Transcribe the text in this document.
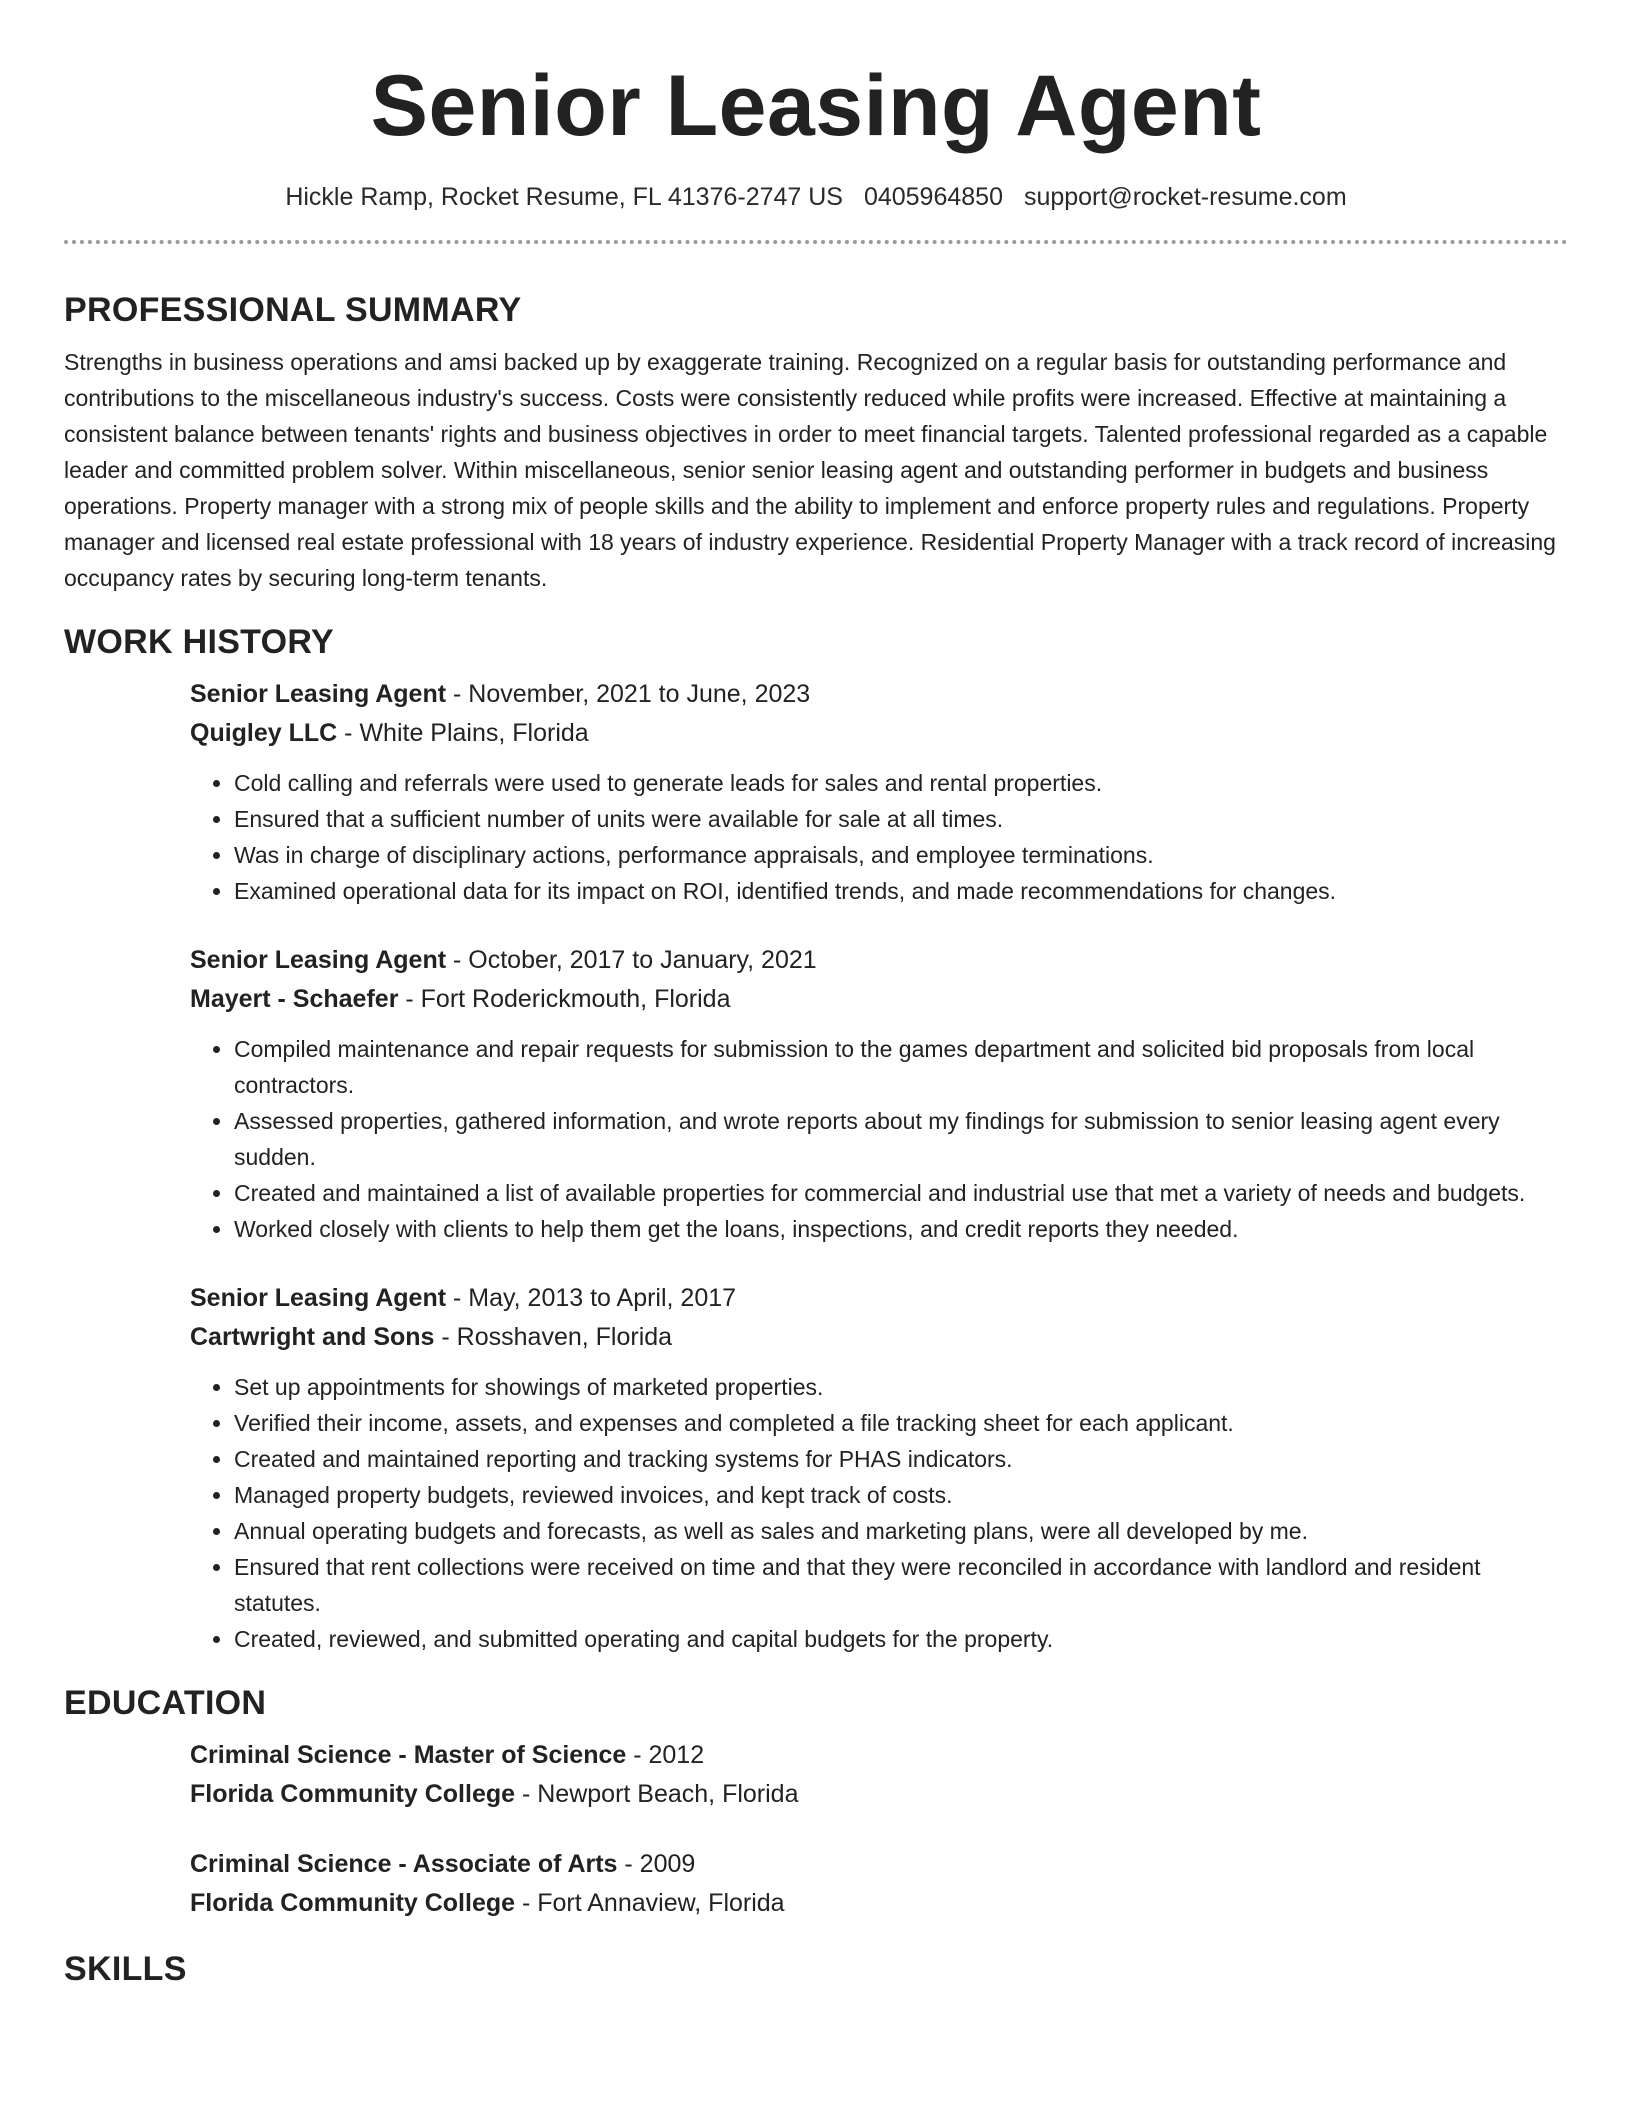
Senior Leasing Agent
Hickle Ramp, Rocket Resume, FL 41376-2747 US 0405964850 support@rocket-resume.com
PROFESSIONAL SUMMARY

Strengths in business operations and amsi backed up by exaggerate training. Recognized on a regular basis for outstanding performance and contributions to the miscellaneous industry's success. Costs were consistently reduced while profits were increased. Effective at maintaining a consistent balance between tenants' rights and business objectives in order to meet financial targets. Talented professional regarded as a capable leader and committed problem solver. Within miscellaneous, senior senior leasing agent and outstanding performer in budgets and business operations. Property manager with a strong mix of people skills and the ability to implement and enforce property rules and regulations. Property manager and licensed real estate professional with 18 years of industry experience. Residential Property Manager with a track record of increasing occupancy rates by securing long-term tenants.

WORK HISTORY
Senior Leasing Agent - November, 2021 to June, 2023
Quigley LLC - White Plains, Florida
• Cold calling and referrals were used to generate leads for sales and rental properties.
• Ensured that a sufficient number of units were available for sale at all times.
• Was in charge of disciplinary actions, performance appraisals, and employee terminations.
• Examined operational data for its impact on ROI, identified trends, and made recommendations for changes.
Senior Leasing Agent - October, 2017 to January, 2021
Mayert - Schaefer - Fort Roderickmouth, Florida
• Compiled maintenance and repair requests for submission to the games department and solicited bid proposals from local contractors.
• Assessed properties, gathered information, and wrote reports about my findings for submission to senior leasing agent every sudden.
• Created and maintained a list of available properties for commercial and industrial use that met a variety of needs and budgets.
• Worked closely with clients to help them get the loans, inspections, and credit reports they needed.
Senior Leasing Agent - May, 2013 to April, 2017
Cartwright and Sons - Rosshaven, Florida
• Set up appointments for showings of marketed properties.
• Verified their income, assets, and expenses and completed a file tracking sheet for each applicant.
• Created and maintained reporting and tracking systems for PHAS indicators.
• Managed property budgets, reviewed invoices, and kept track of costs.
• Annual operating budgets and forecasts, as well as sales and marketing plans, were all developed by me.
• Ensured that rent collections were received on time and that they were reconciled in accordance with landlord and resident statutes.
• Created, reviewed, and submitted operating and capital budgets for the property.
EDUCATION
Criminal Science - Master of Science - 2012
Florida Community College - Newport Beach, Florida
Criminal Science - Associate of Arts - 2009
Florida Community College - Fort Annaview, Florida
SKILLS
